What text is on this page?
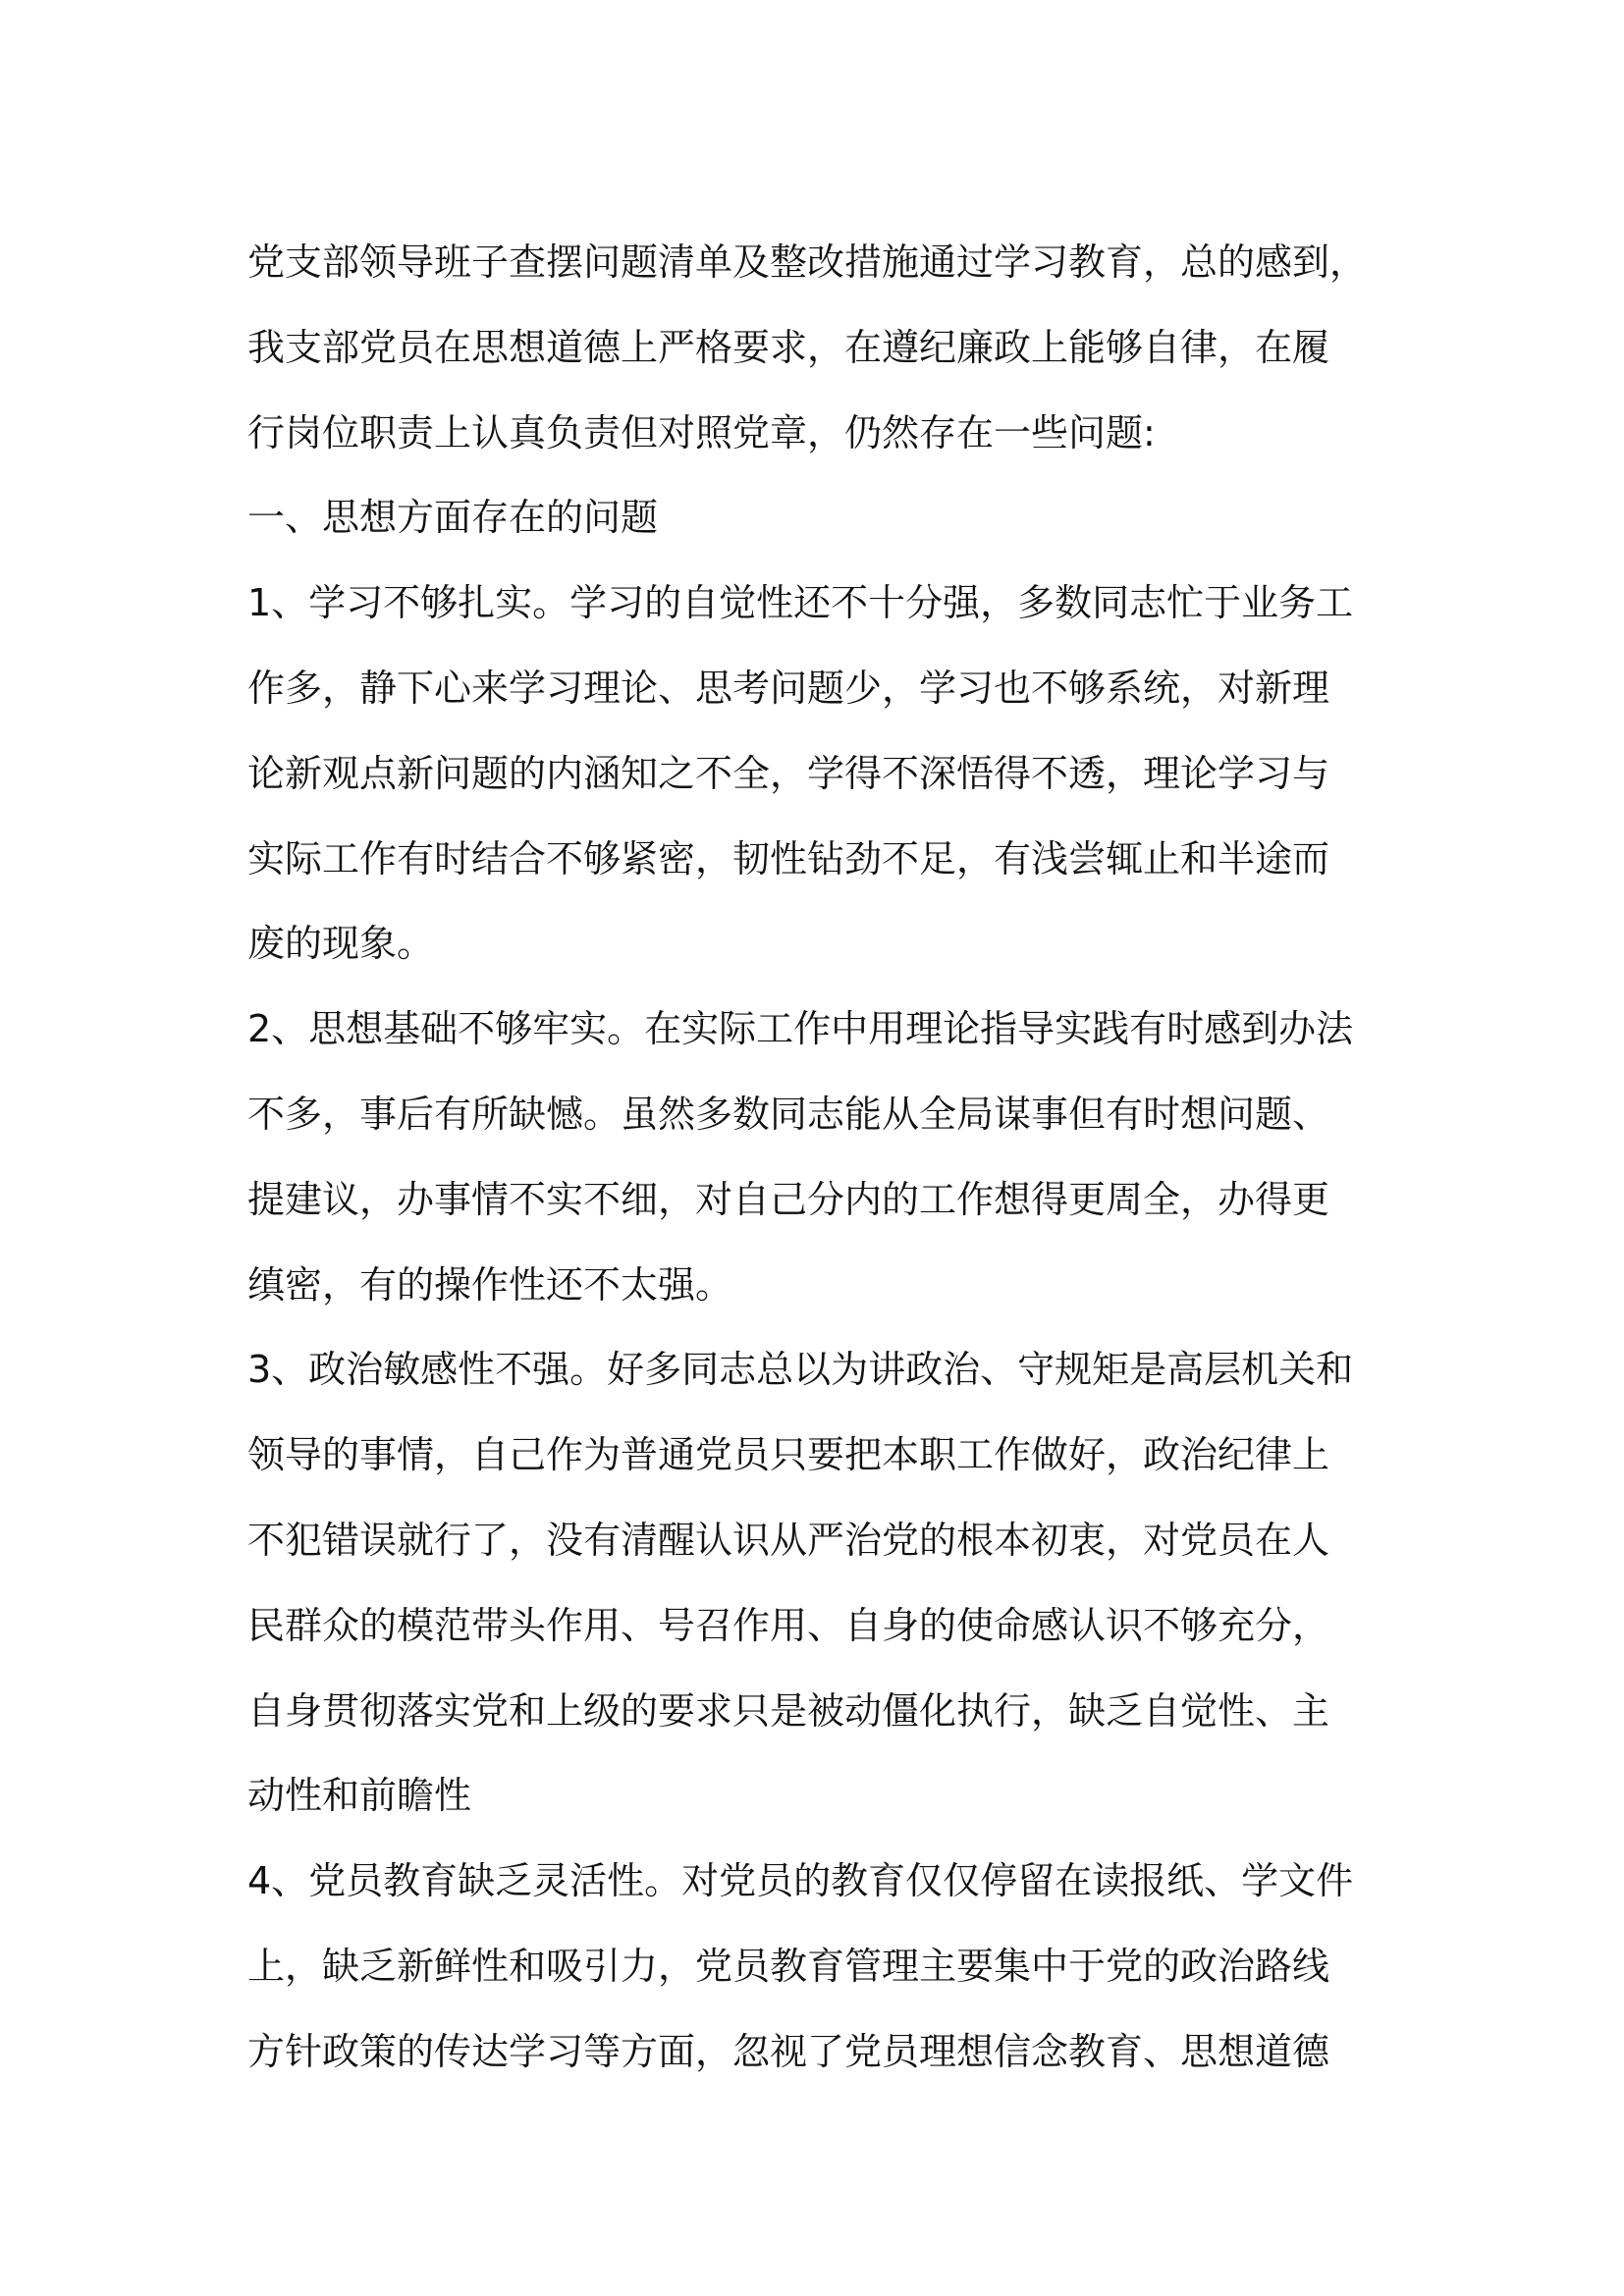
党支部领导班子查摆问题清单及整改措施通过学习教育，总的感到，
我支部党员在思想道德上严格要求，在遵纪廉政上能够自律，在履
行岗位职责上认真负责但对照党章，仍然存在一些问题:
一、思想方面存在的问题
1、学习不够扎实。学习的自觉性还不十分强，多数同志忙于业务工
作多，静下心来学习理论、思考问题少，学习也不够系统，对新理
论新观点新问题的内涵知之不全，学得不深悟得不透，理论学习与
实际工作有时结合不够紧密，韧性钻劲不足，有浅尝辄止和半途而
废的现象。
2、思想基础不够牢实。在实际工作中用理论指导实践有时感到办法
不多，事后有所缺憾。虽然多数同志能从全局谋事但有时想问题、
提建议，办事情不实不细，对自己分内的工作想得更周全，办得更
缜密，有的操作性还不太强。
3、政治敏感性不强。好多同志总以为讲政治、守规矩是高层机关和
领导的事情，自己作为普通党员只要把本职工作做好，政治纪律上
不犯错误就行了，没有清醒认识从严治党的根本初衷，对党员在人
民群众的模范带头作用、号召作用、自身的使命感认识不够充分，
自身贯彻落实党和上级的要求只是被动僵化执行，缺乏自觉性、主
动性和前瞻性
4、党员教育缺乏灵活性。对党员的教育仅仅停留在读报纸、学文件
上，缺乏新鲜性和吸引力，党员教育管理主要集中于党的政治路线
方针政策的传达学习等方面，忽视了党员理想信念教育、思想道德
